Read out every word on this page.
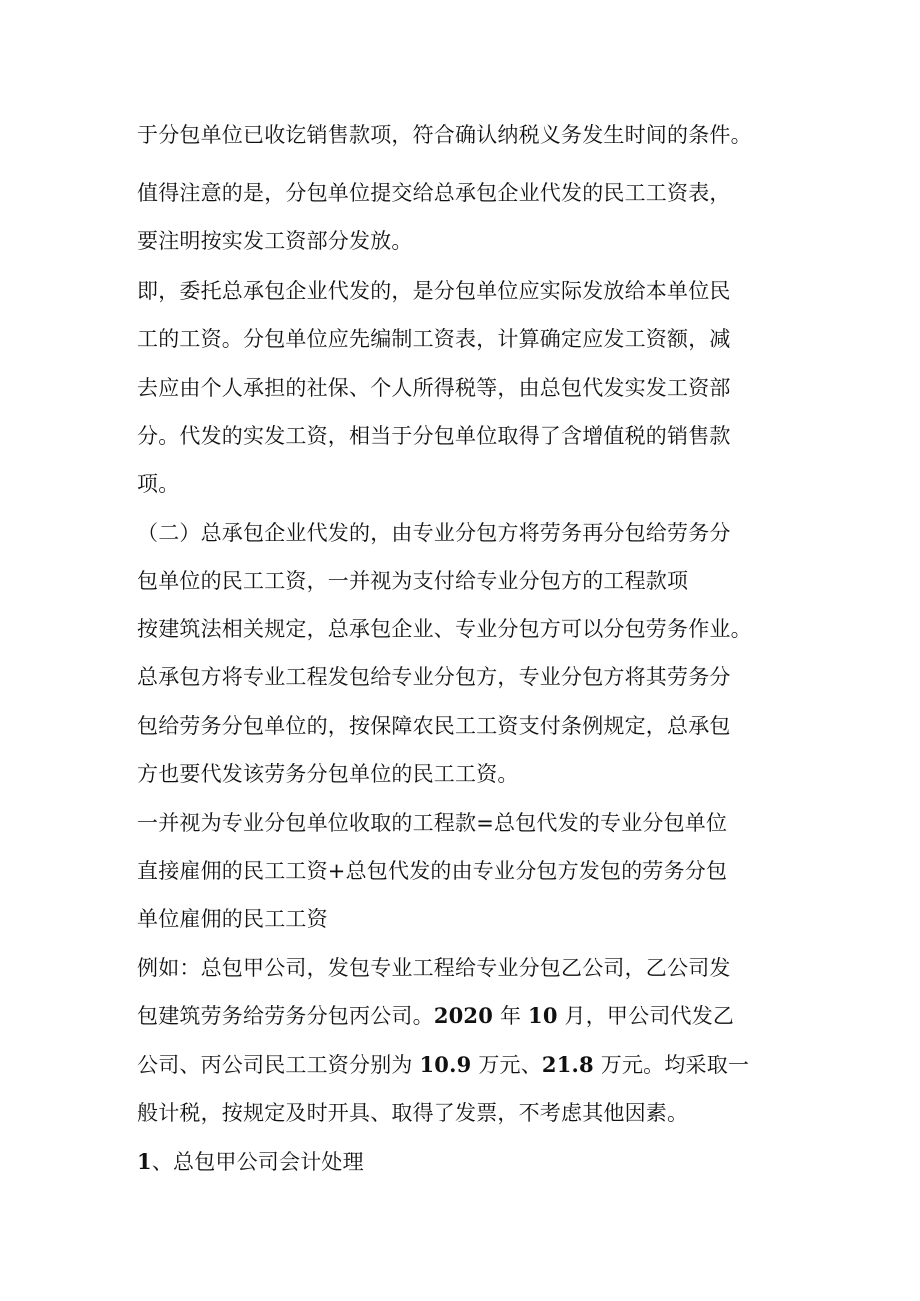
于分包单位已收讫销售款项，符合确认纳税义务发生时间的条件。
值得注意的是，分包单位提交给总承包企业代发的民工工资表，
要注明按实发工资部分发放。
即，委托总承包企业代发的，是分包单位应实际发放给本单位民
工的工资。分包单位应先编制工资表，计算确定应发工资额，减
去应由个人承担的社保、个人所得税等，由总包代发实发工资部
分。代发的实发工资，相当于分包单位取得了含增值税的销售款
项。
（二）总承包企业代发的，由专业分包方将劳务再分包给劳务分
包单位的民工工资，一并视为支付给专业分包方的工程款项
按建筑法相关规定，总承包企业、专业分包方可以分包劳务作业。
总承包方将专业工程发包给专业分包方，专业分包方将其劳务分
包给劳务分包单位的，按保障农民工工资支付条例规定，总承包
方也要代发该劳务分包单位的民工工资。
一并视为专业分包单位收取的工程款=总包代发的专业分包单位
直接雇佣的民工工资+总包代发的由专业分包方发包的劳务分包
单位雇佣的民工工资
例如：总包甲公司，发包专业工程给专业分包乙公司，乙公司发
包建筑劳务给劳务分包丙公司。2020 年 10 月，甲公司代发乙
公司、丙公司民工工资分别为 10.9 万元、21.8 万元。均采取一
般计税，按规定及时开具、取得了发票，不考虑其他因素。
1、总包甲公司会计处理
